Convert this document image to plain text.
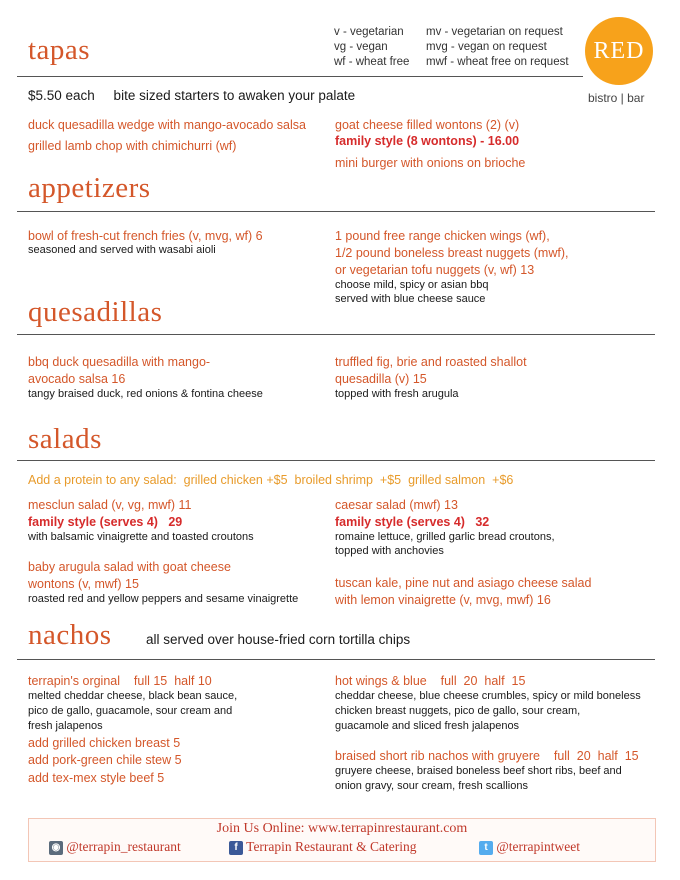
tapas
v - vegetarian
vg - vegan
wf - wheat free
mv - vegetarian on request
mvg - vegan on request
mwf - wheat free on request RED
bistro | bar
$5.50 each     bite sized starters to awaken your palate
duck quesadilla wedge with mango-avocado salsa
grilled lamb chop with chimichurri (wf)
goat cheese filled wontons (2) (v)
family style (8 wontons) - 16.00
mini burger with onions on brioche
appetizers
bowl of fresh-cut french fries (v, mvg, wf) 6
seasoned and served with wasabi aioli
1 pound free range chicken wings (wf),
1/2 pound boneless breast nuggets (mwf),
or vegetarian tofu nuggets (v, wf) 13
choose mild, spicy or asian bbq
served with blue cheese sauce
quesadillas
bbq duck quesadilla with mango-
avocado salsa 16
tangy braised duck, red onions & fontina cheese
truffled fig, brie and roasted shallot
quesadilla (v) 15
topped with fresh arugula
salads
Add a protein to any salad:  grilled chicken +$5  broiled shrimp  +$5  grilled salmon  +$6
mesclun salad (v, vg, mwf) 11
family style (serves 4)   29
with balsamic vinaigrette and toasted croutons
caesar salad (mwf) 13
family style (serves 4)   32
romaine lettuce, grilled garlic bread croutons,
topped with anchovies
baby arugula salad with goat cheese
wontons (v, mwf) 15
roasted red and yellow peppers and sesame vinaigrette
tuscan kale, pine nut and asiago cheese salad
with lemon vinaigrette (v, mvg, mwf) 16
nachos	all served over house-fried corn tortilla chips
terrapin's orginal    full 15  half 10
melted cheddar cheese, black bean sauce,
pico de gallo, guacamole, sour cream and
fresh jalapenos
add grilled chicken breast 5
add pork-green chile stew 5
add tex-mex style beef 5
hot wings & blue    full  20  half  15
cheddar cheese, blue cheese crumbles, spicy or mild boneless
chicken breast nuggets, pico de gallo, sour cream,
guacamole and sliced fresh jalapenos
braised short rib nachos with gruyere    full  20  half  15
gruyere cheese, braised boneless beef short ribs, beef and
onion gravy, sour cream, fresh scallions
Join Us Online: www.terrapinrestaurant.com
◉ @terrapin_restaurant	f Terrapin Restaurant & Catering	t @terrapintweet
